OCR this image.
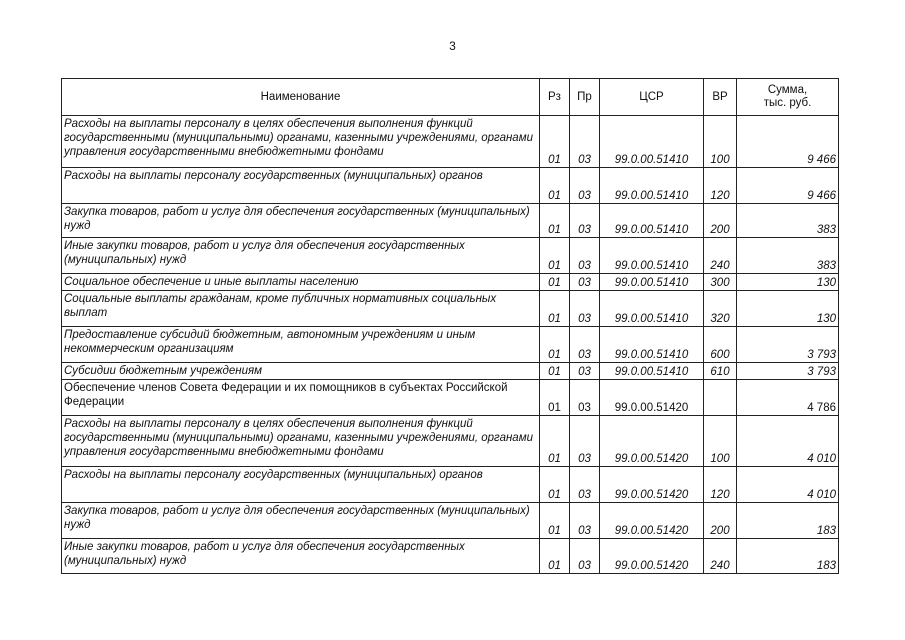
3
Наименование	Рз	Пр	ЦСР	ВР	Сумма,
тыс. руб.

Расходы на выплаты персоналу в целях обеспечения выполнения функций государственными (муниципальными) органами, казенными учреждениями, органами управления государственными внебюджетными фондами	01	03	99.0.00.51410	100	9 466
Расходы на выплаты персоналу государственных (муниципальных) органов	01	03	99.0.00.51410	120	9 466
Закупка товаров, работ и услуг для обеспечения государственных (муниципальных) нужд	01	03	99.0.00.51410	200	383
Иные закупки товаров, работ и услуг для обеспечения государственных (муниципальных) нужд	01	03	99.0.00.51410	240	383
Социальное обеспечение и иные выплаты населению	01	03	99.0.00.51410	300	130
Социальные выплаты гражданам, кроме публичных нормативных социальных выплат	01	03	99.0.00.51410	320	130
Предоставление субсидий бюджетным, автономным учреждениям и иным некоммерческим организациям	01	03	99.0.00.51410	600	3 793
Субсидии бюджетным учреждениям	01	03	99.0.00.51410	610	3 793
Обеспечение членов Совета Федерации и их помощников в субъектах Российской Федерации	01	03	99.0.00.51420		4 786
Расходы на выплаты персоналу в целях обеспечения выполнения функций государственными (муниципальными) органами, казенными учреждениями, органами управления государственными внебюджетными фондами	01	03	99.0.00.51420	100	4 010
Расходы на выплаты персоналу государственных (муниципальных) органов	01	03	99.0.00.51420	120	4 010
Закупка товаров, работ и услуг для обеспечения государственных (муниципальных) нужд	01	03	99.0.00.51420	200	183
Иные закупки товаров, работ и услуг для обеспечения государственных (муниципальных) нужд	01	03	99.0.00.51420	240	183
